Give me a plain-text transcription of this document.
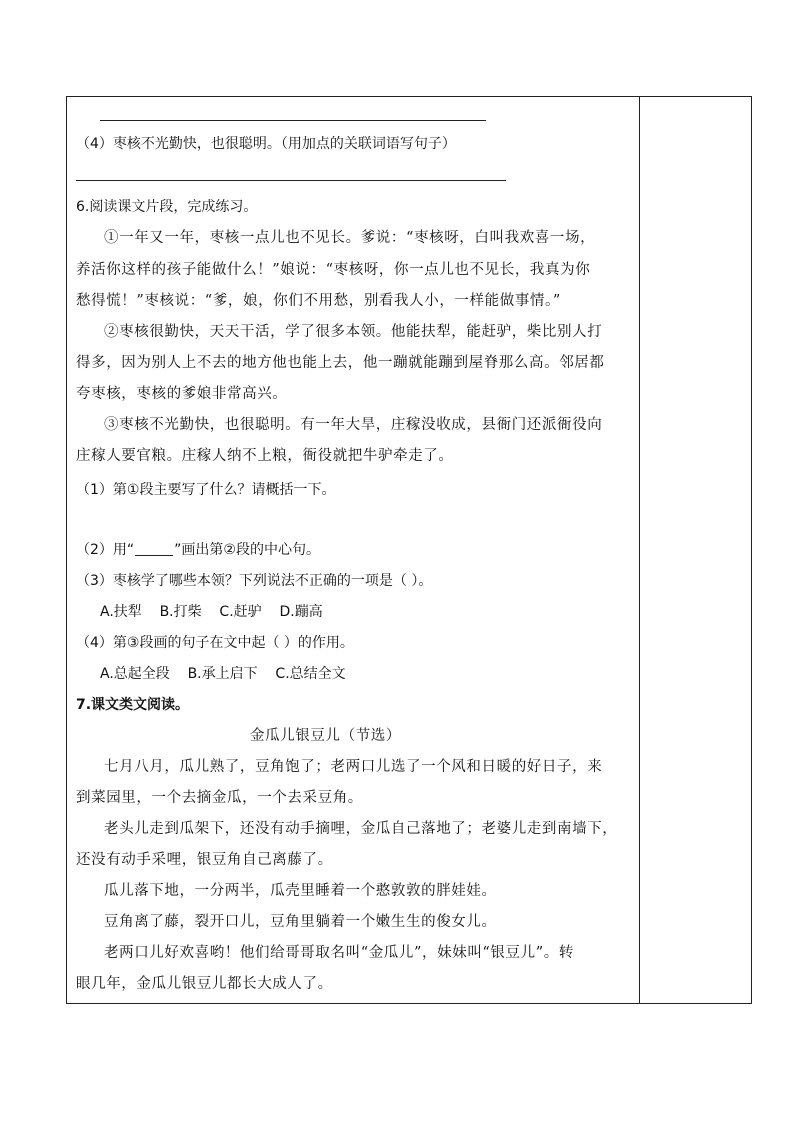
（4）枣核不光勤快，也很聪明。（用加点的关联词语写句子）
6.阅读课文片段，完成练习。
①一年又一年，枣核一点儿也不见长。爹说：“枣核呀，白叫我欢喜一场，
养活你这样的孩子能做什么！”娘说：“枣核呀，你一点儿也不见长，我真为你
愁得慌！”枣核说：“爹，娘，你们不用愁，别看我人小，一样能做事情。”
②枣核很勤快，天天干活，学了很多本领。他能扶犁，能赶驴，柴比别人打
得多，因为别人上不去的地方他也能上去，他一蹦就能蹦到屋脊那么高。邻居都
夸枣核，枣核的爹娘非常高兴。
③枣核不光勤快，也很聪明。有一年大旱，庄稼没收成，县衙门还派衙役向
庄稼人要官粮。庄稼人纳不上粮，衙役就把牛驴牵走了。
（1）第①段主要写了什么？请概括一下。
（2）用“	”画出第②段的中心句。
（3）枣核学了哪些本领？下列说法不正确的一项是（ ）。
A.扶犁    B.打柴    C.赶驴    D.蹦高
（4）第③段画的句子在文中起（ ）的作用。
A.总起全段    B.承上启下    C.总结全文
7.课文类文阅读。
金瓜儿银豆儿（节选）
七月八月，瓜儿熟了，豆角饱了；老两口儿选了一个风和日暖的好日子，来
到菜园里，一个去摘金瓜，一个去采豆角。
老头儿走到瓜架下，还没有动手摘哩，金瓜自己落地了；老婆儿走到南墙下，
还没有动手采哩，银豆角自己离藤了。
瓜儿落下地，一分两半，瓜壳里睡着一个憨敦敦的胖娃娃。
豆角离了藤，裂开口儿，豆角里躺着一个嫩生生的俊女儿。
老两口儿好欢喜哟！他们给哥哥取名叫“金瓜儿”，妹妹叫“银豆儿”。转
眼几年，金瓜儿银豆儿都长大成人了。
